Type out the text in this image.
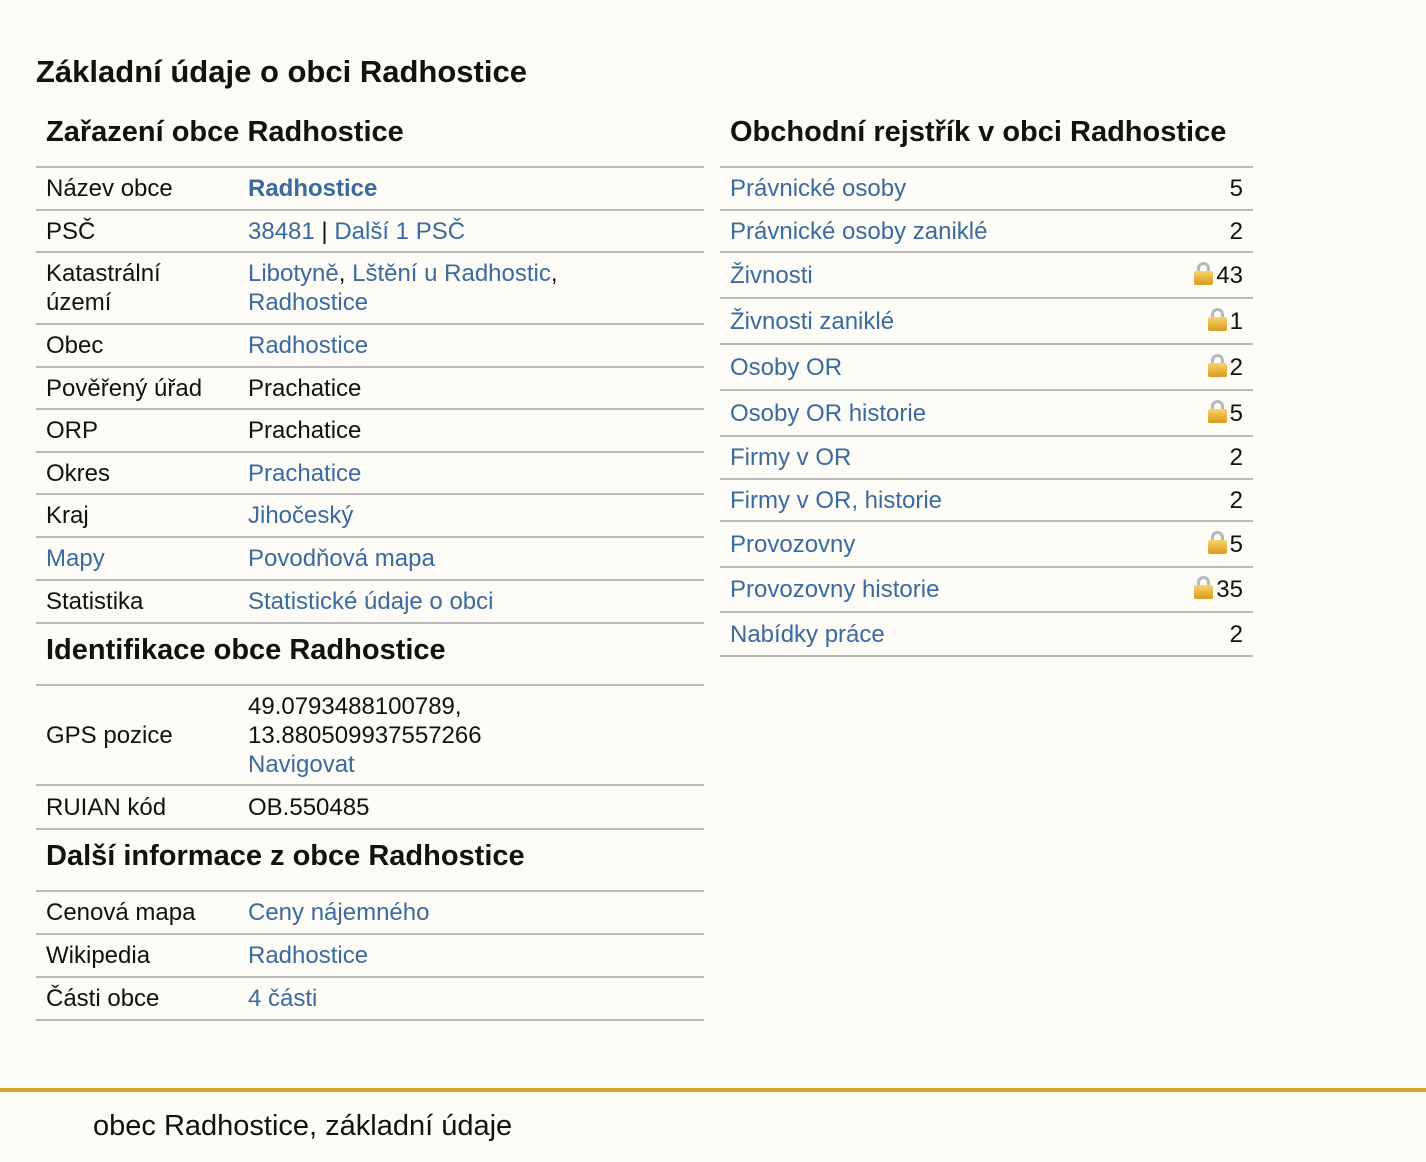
Základní údaje o obci Radhostice
Zařazení obce Radhostice
Název obce	Radhostice
PSČ	38481 | Další 1 PSČ
Katastrální území	Libotyně, Lštění u Radhostic,
Radhostice
Obec	Radhostice
Pověřený úřad	Prachatice
ORP	Prachatice
Okres	Prachatice
Kraj	Jihočeský
Mapy	Povodňová mapa
Statistika	Statistické údaje o obci
Identifikace obce Radhostice
GPS pozice	49.0793488100789,
13.880509937557266
Navigovat
RUIAN kód	OB.550485
Další informace z obce Radhostice
Cenová mapa	Ceny nájemného
Wikipedia	Radhostice
Části obce	4 části
Obchodní rejstřík v obci Radhostice
Právnické osoby	5
Právnické osoby zaniklé	2
Živnosti	43
Živnosti zaniklé	1
Osoby OR	2
Osoby OR historie	5
Firmy v OR	2
Firmy v OR, historie	2
Provozovny	5
Provozovny historie	35
Nabídky práce	2
obec Radhostice, základní údaje
